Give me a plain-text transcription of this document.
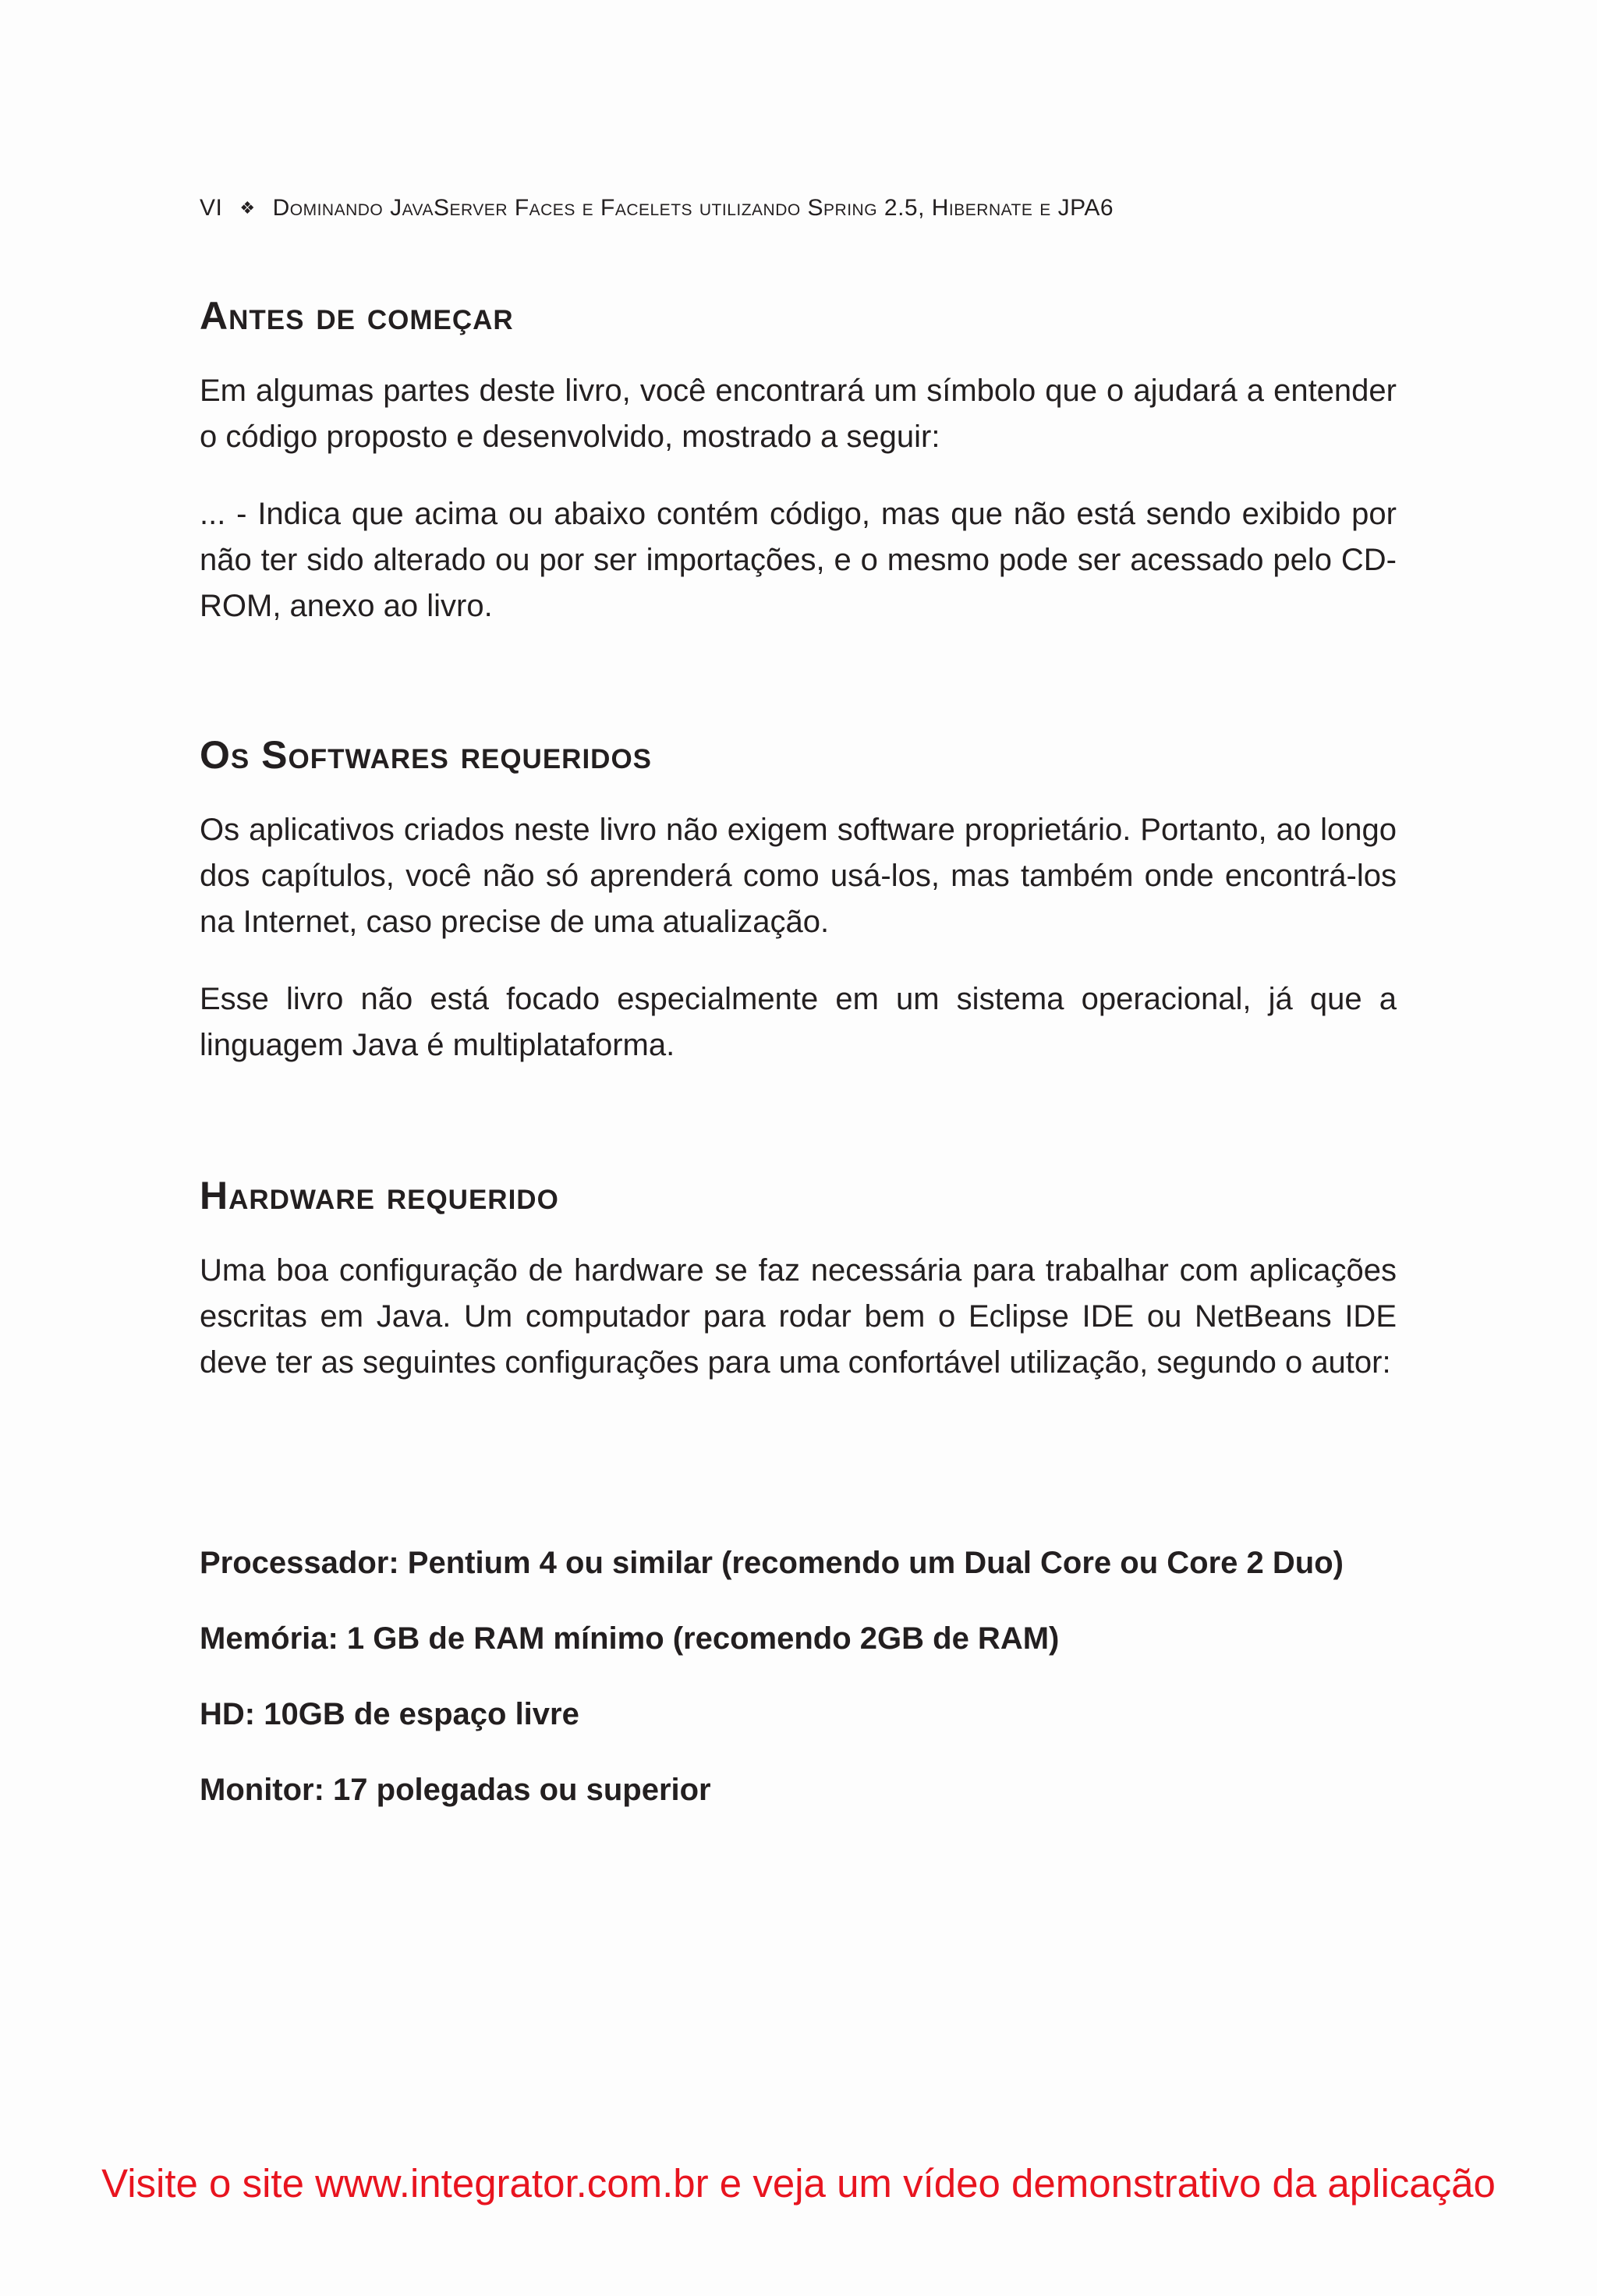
VI ❖ Dominando JavaServer Faces e Facelets utilizando Spring 2.5, Hibernate e JPA6
Antes de começar

Em algumas partes deste livro, você encontrará um símbolo que o ajudará a entender o código proposto e desenvolvido, mostrado a seguir:

... - Indica que acima ou abaixo contém código, mas que não está sendo exibido por não ter sido alterado ou por ser importações, e o mesmo pode ser acessado pelo CD-ROM, anexo ao livro.

Os Softwares requeridos

Os aplicativos criados neste livro não exigem software proprietário. Portanto, ao longo dos capítulos, você não só aprenderá como usá-los, mas também onde encontrá-los na Internet, caso precise de uma atualização.

Esse livro não está focado especialmente em um sistema operacional, já que a linguagem Java é multiplataforma.

Hardware requerido

Uma boa configuração de hardware se faz necessária para trabalhar com aplicações escritas em Java. Um computador para rodar bem o Eclipse IDE ou NetBeans IDE deve ter as seguintes configurações para uma confortável utilização, segundo o autor:

Processador: Pentium 4 ou similar (recomendo um Dual Core ou Core 2 Duo)

Memória: 1 GB de RAM mínimo (recomendo 2GB de RAM)

HD: 10GB de espaço livre

Monitor: 17 polegadas ou superior

Visite o site www.integrator.com.br e veja um vídeo demonstrativo da aplicação
